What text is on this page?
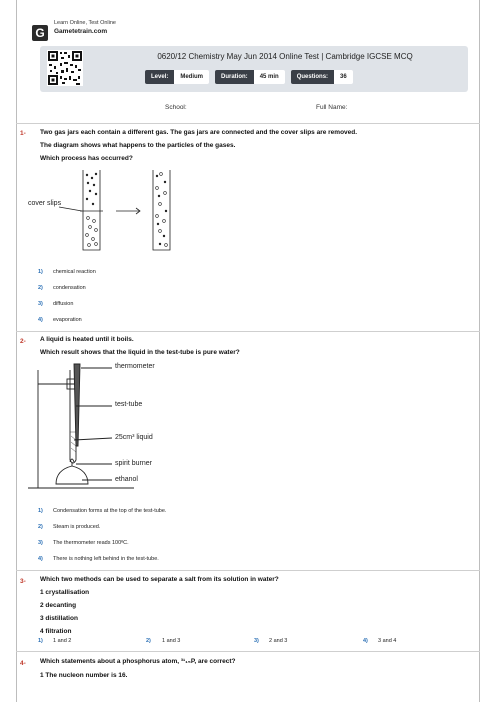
G
Learn Online, Test Online
Gametetrain.com
0620/12 Chemistry May Jun 2014 Online Test | Cambridge IGCSE MCQ
Level:	Medium	Duration:	45 min	Questions:	36
School:	Full Name:
1- Two gas jars each contain a different gas. The gas jars are connected and the cover slips are removed.
The diagram shows what happens to the particles of the gases.
Which process has occurred?
cover slips
1) chemical reaction
2) condensation
3) diffusion
4) evaporation
2- A liquid is heated until it boils.
Which result shows that the liquid in the test-tube is pure water?
thermometer
test-tube
25cm³ liquid
spirit burner
ethanol
1) Condensation forms at the top of the test-tube.
2) Steam is produced.
3) The thermometer reads 100ºC.
4) There is nothing left behind in the test-tube.
3- Which two methods can be used to separate a salt from its solution in water?
1 crystallisation
2 decanting
3 distillation
4 filtration
1) 1 and 2	2) 1 and 3	3) 2 and 3	4) 3 and 4
4- Which statements about a phosphorus atom, ³¹₁₅P, are correct?
1 The nucleon number is 16.
